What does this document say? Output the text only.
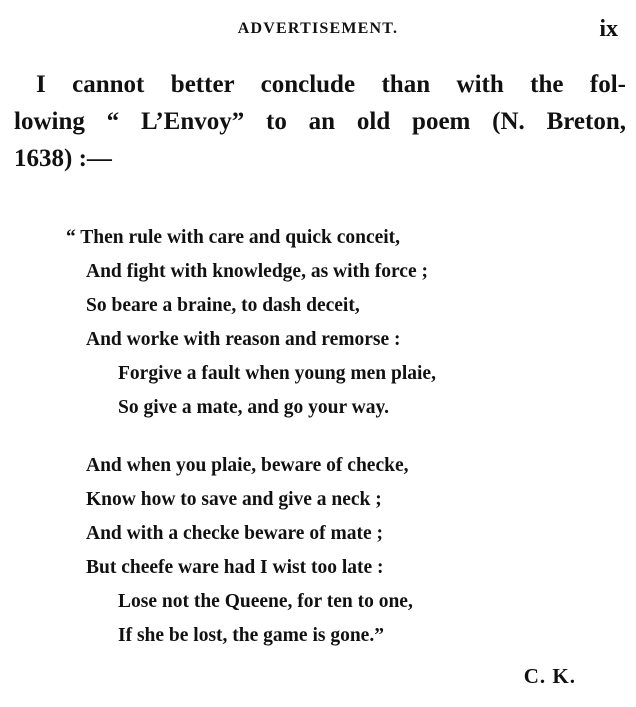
ADVERTISEMENT.	ix
I cannot better conclude than with the fol-
lowing “ L’Envoy” to an old poem (N. Breton,
1638) :—
“ Then rule with care and quick conceit,
And fight with knowledge, as with force ;
So beare a braine, to dash deceit,
And worke with reason and remorse :
Forgive a fault when young men plaie,
So give a mate, and go your way.
And when you plaie, beware of checke,
Know how to save and give a neck ;
And with a checke beware of mate ;
But cheefe ware had I wist too late :
Lose not the Queene, for ten to one,
If she be lost, the game is gone.”
C. K.
